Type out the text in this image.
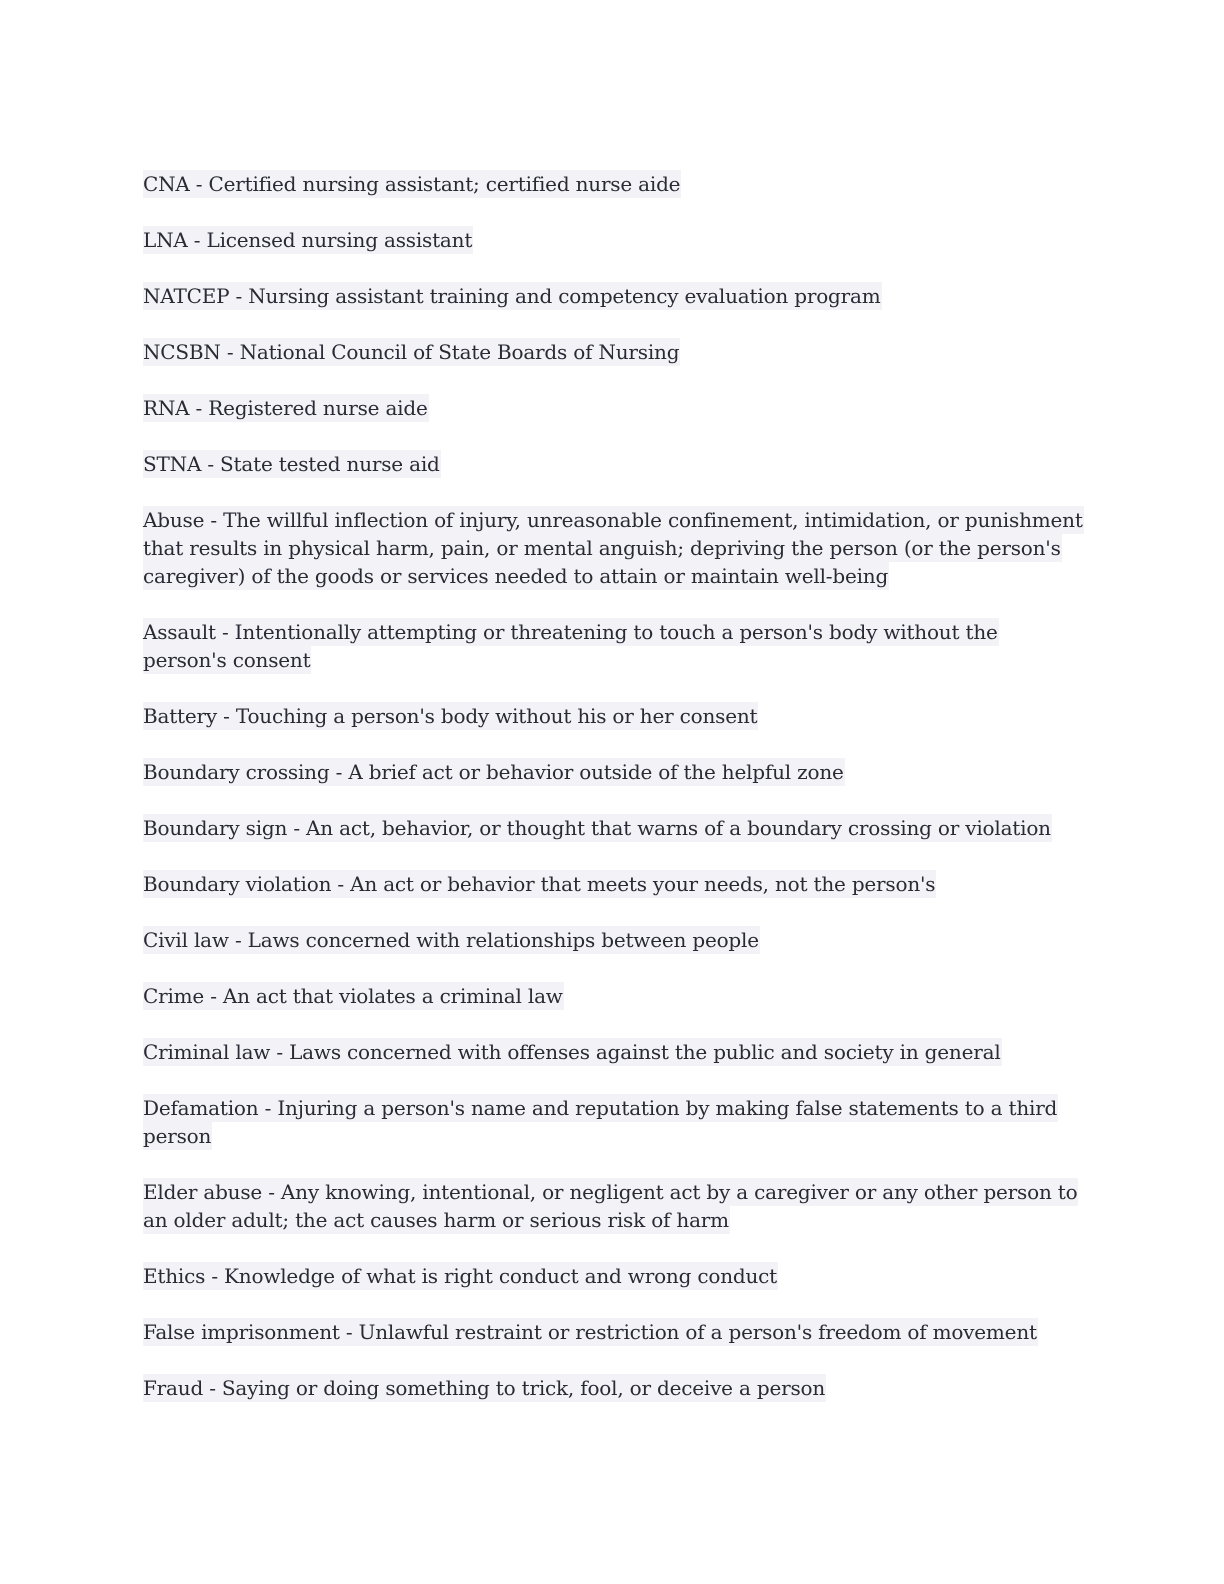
CNA - Certified nursing assistant; certified nurse aide

LNA - Licensed nursing assistant

NATCEP - Nursing assistant training and competency evaluation program

NCSBN - National Council of State Boards of Nursing

RNA - Registered nurse aide

STNA - State tested nurse aid

Abuse - The willful inflection of injury, unreasonable confinement, intimidation, or punishment that results in physical harm, pain, or mental anguish; depriving the person (or the person's caregiver) of the goods or services needed to attain or maintain well-being

Assault - Intentionally attempting or threatening to touch a person's body without the person's consent

Battery - Touching a person's body without his or her consent

Boundary crossing - A brief act or behavior outside of the helpful zone

Boundary sign - An act, behavior, or thought that warns of a boundary crossing or violation

Boundary violation - An act or behavior that meets your needs, not the person's

Civil law - Laws concerned with relationships between people

Crime - An act that violates a criminal law

Criminal law - Laws concerned with offenses against the public and society in general

Defamation - Injuring a person's name and reputation by making false statements to a third person

Elder abuse - Any knowing, intentional, or negligent act by a caregiver or any other person to an older adult; the act causes harm or serious risk of harm

Ethics - Knowledge of what is right conduct and wrong conduct

False imprisonment - Unlawful restraint or restriction of a person's freedom of movement

Fraud - Saying or doing something to trick, fool, or deceive a person
